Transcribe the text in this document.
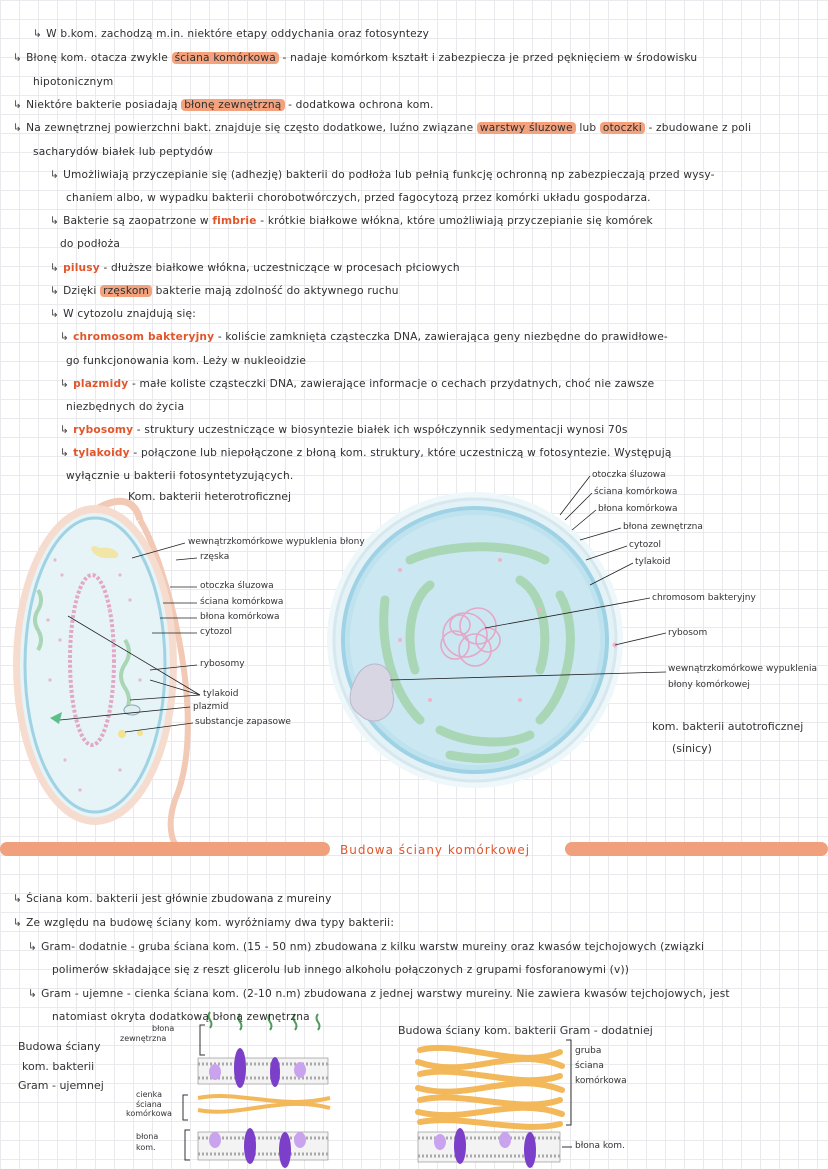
↳ W b.kom. zachodzą m.in. niektóre etapy oddychania oraz fotosyntezy
↳ Błonę kom. otacza zwykle ściana komórkowa - nadaje komórkom kształt i zabezpiecza je przed pęknięciem w środowisku
hipotonicznym
↳ Niektóre bakterie posiadają błonę zewnętrzną - dodatkowa ochrona kom.
↳ Na zewnętrznej powierzchni bakt. znajduje się często dodatkowe, luźno związane warstwy śluzowe lub otoczki - zbudowane z poli
sacharydów białek lub peptydów
↳ Umożliwiają przyczepianie się (adhezję) bakterii do podłoża lub pełnią funkcję ochronną np zabezpieczają przed wysy-
chaniem albo, w wypadku bakterii chorobotwórczych, przed fagocytozą przez komórki układu gospodarza.
↳ Bakterie są zaopatrzone w fimbrie - krótkie białkowe włókna, które umożliwiają przyczepianie się komórek
do podłoża
↳ pilusy - dłuższe białkowe włókna, uczestniczące w procesach płciowych
↳ Dzięki rzęskom bakterie mają zdolność do aktywnego ruchu
↳ W cytozolu znajdują się:
↳ chromosom bakteryjny - koliście zamknięta cząsteczka DNA, zawierająca geny niezbędne do prawidłowe-
go funkcjonowania kom. Leży w nukleoidzie
↳ plazmidy - małe koliste cząsteczki DNA, zawierające informacje o cechach przydatnych, choć nie zawsze
niezbędnych do życia
↳ rybosomy - struktury uczestniczące w biosyntezie białek ich współczynnik sedymentacji wynosi 70s
↳ tylakoidy - połączone lub niepołączone z błoną kom. struktury, które uczestniczą w fotosyntezie. Występują
wyłącznie u bakterii fotosyntetyzujących.
Kom. bakterii heterotroficznej
wewnątrzkomórkowe wypuklenia błony
rzęska
otoczka śluzowa
ściana komórkowa
błona komórkowa
cytozol
rybosomy
tylakoid
plazmid
substancje zapasowe
otoczka śluzowa
ściana komórkowa
błona komórkowa
błona zewnętrzna
cytozol
tylakoid
chromosom bakteryjny
rybosom
wewnątrzkomórkowe wypuklenia
błony komórkowej
kom. bakterii autotroficznej
(sinicy)
Budowa ściany komórkowej
↳ Ściana kom. bakterii jest głównie zbudowana z mureiny
↳ Ze względu na budowę ściany kom. wyróżniamy dwa typy bakterii:
↳ Gram- dodatnie - gruba ściana kom. (15 - 50 nm) zbudowana z kilku warstw mureiny oraz kwasów tejchojowych (związki
polimerów składające się z reszt glicerolu lub innego alkoholu połączonych z grupami fosforanowymi (v))
↳ Gram - ujemne - cienka ściana kom. (2-10 n.m) zbudowana z jednej warstwy mureiny. Nie zawiera kwasów tejchojowych, jest
natomiast okryta dodatkową błoną zewnętrzna
Budowa ściany
kom. bakterii
Gram - ujemnej
błona
zewnętrzna
cienka
ściana
komórkowa
błona
kom.
Budowa ściany kom. bakterii Gram - dodatniej
gruba
ściana
komórkowa
błona kom.
